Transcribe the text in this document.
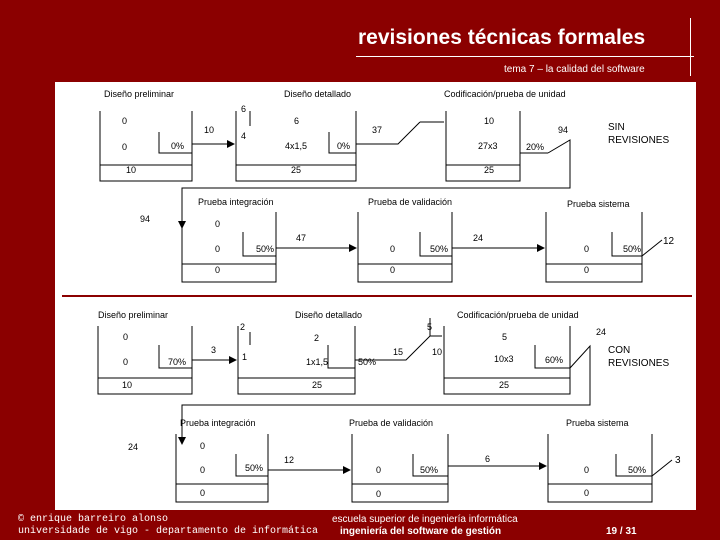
revisiones técnicas formales
tema 7 – la calidad del software
Diseño preliminar	Diseño detallado	Codificación/prueba de unidad
0
0	0%
10
10
6
4
6
4x1,5	0%
25
37
10
27x3	20%
25
94	SIN
REVISIONES
Prueba integración	Prueba de validación	Prueba sistema
94	0
0	50%
0
47
0	50%
0
24
0	50%
0
12
Diseño preliminar	Diseño detallado	Codificación/prueba de unidad
0
0	70%
10
3
2
1
2
1x1,5	50%
25
15
5
5
10
10x3	60%
25
24
CON
REVISIONES
Prueba integración	Prueba de validación	Prueba sistema
24	0
0	50%
0
12
0	50%
0
6
0	50%
0
3
© enrique barreiro alonso
universidade de vigo - departamento de informática
escuela superior de ingeniería informática
ingeniería del software de gestión	19 / 31
